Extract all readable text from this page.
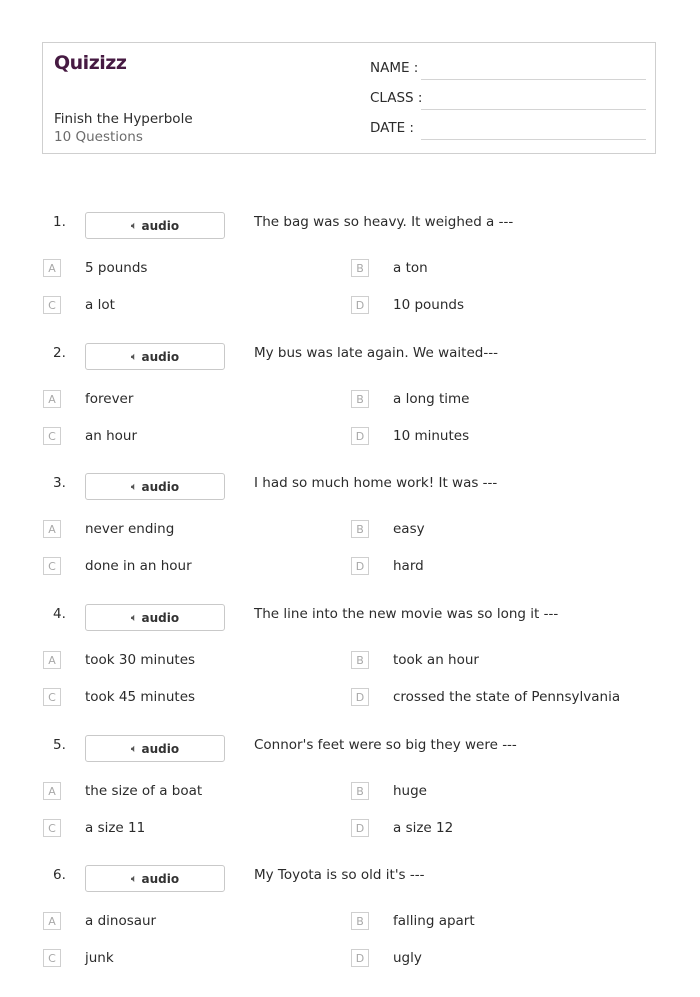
Quizizz
Finish the Hyperbole
10 Questions
NAME :
CLASS :
DATE :
1.	🔈︎ audio	The bag was so heavy. It weighed a ---
A	5 pounds	B	a ton
C	a lot	D	10 pounds
2.	🔈︎ audio	My bus was late again. We waited---
A	forever	B	a long time
C	an hour	D	10 minutes
3.	🔈︎ audio	I had so much home work! It was ---
A	never ending	B	easy
C	done in an hour	D	hard
4.	🔈︎ audio	The line into the new movie was so long it ---
A	took 30 minutes	B	took an hour
C	took 45 minutes	D	crossed the state of Pennsylvania
5.	🔈︎ audio	Connor's feet were so big they were ---
A	the size of a boat	B	huge
C	a size 11	D	a size 12
6.	🔈︎ audio	My Toyota is so old it's ---
A	a dinosaur	B	falling apart
C	junk	D	ugly
